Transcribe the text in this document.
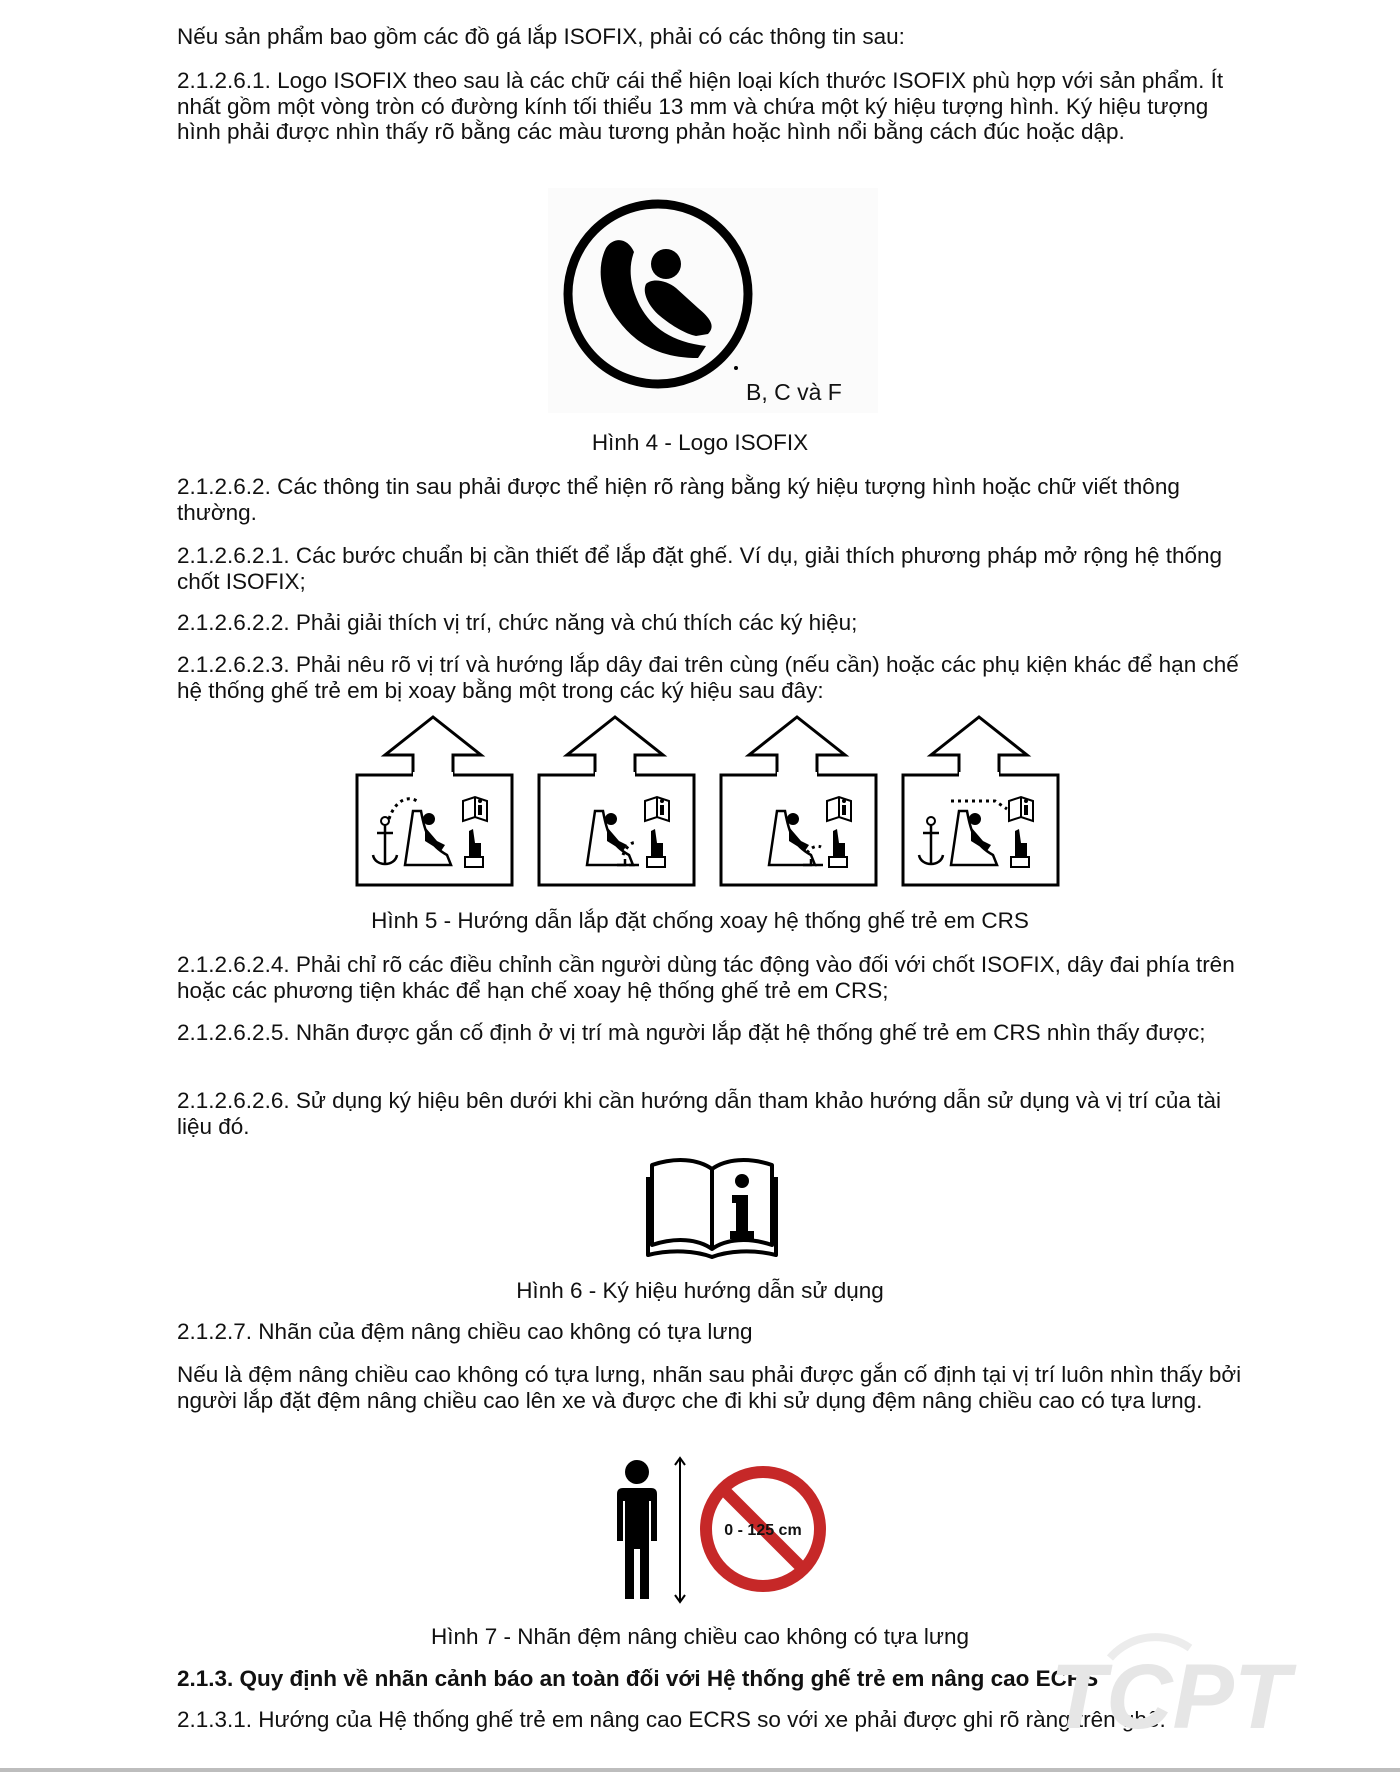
Nếu sản phẩm bao gồm các đồ gá lắp ISOFIX, phải có các thông tin sau:

2.1.2.6.1. Logo ISOFIX theo sau là các chữ cái thể hiện loại kích thước ISOFIX phù hợp với sản phẩm. Ít nhất gồm một vòng tròn có đường kính tối thiểu 13 mm và chứa một ký hiệu tượng hình. Ký hiệu tượng hình phải được nhìn thấy rõ bằng các màu tương phản hoặc hình nổi bằng cách đúc hoặc dập.

B, C và F

Hình 4 - Logo ISOFIX

2.1.2.6.2. Các thông tin sau phải được thể hiện rõ ràng bằng ký hiệu tượng hình hoặc chữ viết thông thường.

2.1.2.6.2.1. Các bước chuẩn bị cần thiết để lắp đặt ghế. Ví dụ, giải thích phương pháp mở rộng hệ thống chốt ISOFIX;

2.1.2.6.2.2. Phải giải thích vị trí, chức năng và chú thích các ký hiệu;

2.1.2.6.2.3. Phải nêu rõ vị trí và hướng lắp dây đai trên cùng (nếu cần) hoặc các phụ kiện khác để hạn chế hệ thống ghế trẻ em bị xoay bằng một trong các ký hiệu sau đây:

Hình 5 - Hướng dẫn lắp đặt chống xoay hệ thống ghế trẻ em CRS

2.1.2.6.2.4. Phải chỉ rõ các điều chỉnh cần người dùng tác động vào đối với chốt ISOFIX, dây đai phía trên hoặc các phương tiện khác để hạn chế xoay hệ thống ghế trẻ em CRS;

2.1.2.6.2.5. Nhãn được gắn cố định ở vị trí mà người lắp đặt hệ thống ghế trẻ em CRS nhìn thấy được;

2.1.2.6.2.6. Sử dụng ký hiệu bên dưới khi cần hướng dẫn tham khảo hướng dẫn sử dụng và vị trí của tài liệu đó.

Hình 6 - Ký hiệu hướng dẫn sử dụng

2.1.2.7. Nhãn của đệm nâng chiều cao không có tựa lưng

Nếu là đệm nâng chiều cao không có tựa lưng, nhãn sau phải được gắn cố định tại vị trí luôn nhìn thấy bởi người lắp đặt đệm nâng chiều cao lên xe và được che đi khi sử dụng đệm nâng chiều cao có tựa lưng.

0 - 125 cm

Hình 7 - Nhãn đệm nâng chiều cao không có tựa lưng

2.1.3. Quy định về nhãn cảnh báo an toàn đối với Hệ thống ghế trẻ em nâng cao ECRS

2.1.3.1. Hướng của Hệ thống ghế trẻ em nâng cao ECRS so với xe phải được ghi rõ ràng trên ghế.

TCPT
